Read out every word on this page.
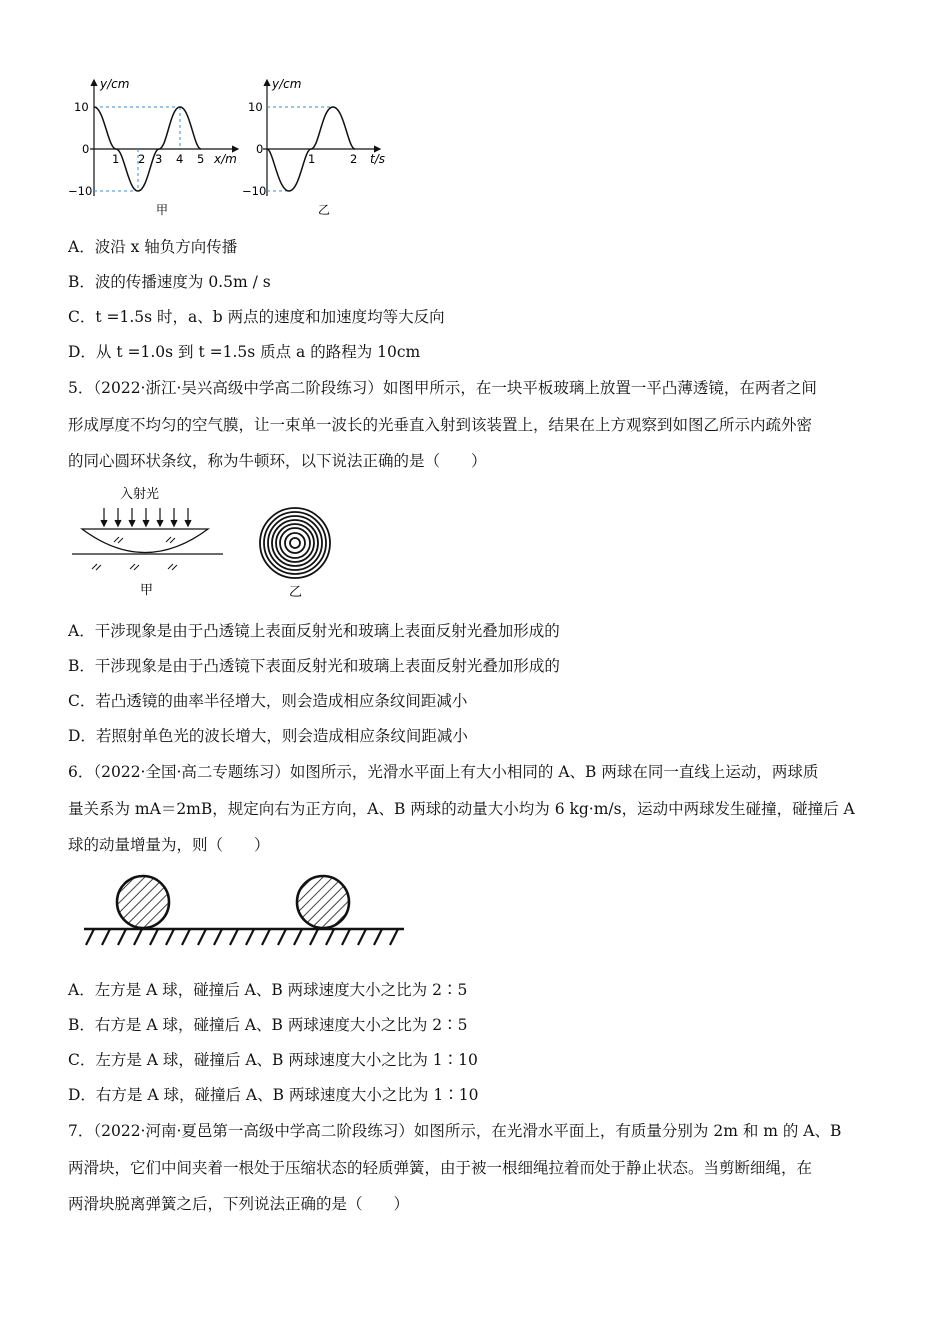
y/cm
10
0
−10
1 2 3 4 5 x/m
甲
y/cm
10
0
−10
1	2 t/s
乙
A．波沿 x 轴负方向传播
B．波的传播速度为 0.5m / s
C．t =1.5s 时，a、b 两点的速度和加速度均等大反向
D．从 t =1.0s 到 t =1.5s 质点 a 的路程为 10cm

5．（2022·浙江·吴兴高级中学高二阶段练习）如图甲所示，在一块平板玻璃上放置一平凸薄透镜，在两者之间

形成厚度不均匀的空气膜，让一束单一波长的光垂直入射到该装置上，结果在上方观察到如图乙所示内疏外密

的同心圆环状条纹，称为牛顿环，以下说法正确的是（　　）

入射光
甲	乙
A．干涉现象是由于凸透镜上表面反射光和玻璃上表面反射光叠加形成的
B．干涉现象是由于凸透镜下表面反射光和玻璃上表面反射光叠加形成的
C．若凸透镜的曲率半径增大，则会造成相应条纹间距减小
D．若照射单色光的波长增大，则会造成相应条纹间距减小

6．（2022·全国·高二专题练习）如图所示，光滑水平面上有大小相同的 A、B 两球在同一直线上运动，两球质

量关系为 mA＝2mB，规定向右为正方向，A、B 两球的动量大小均为 6 kg·m/s，运动中两球发生碰撞，碰撞后 A

球的动量增量为，则（　　）

A．左方是 A 球，碰撞后 A、B 两球速度大小之比为 2∶5
B．右方是 A 球，碰撞后 A、B 两球速度大小之比为 2∶5
C．左方是 A 球，碰撞后 A、B 两球速度大小之比为 1∶10
D．右方是 A 球，碰撞后 A、B 两球速度大小之比为 1∶10

7．（2022·河南·夏邑第一高级中学高二阶段练习）如图所示，在光滑水平面上，有质量分别为 2m 和 m 的 A、B

两滑块，它们中间夹着一根处于压缩状态的轻质弹簧，由于被一根细绳拉着而处于静止状态。当剪断细绳，在

两滑块脱离弹簧之后，下列说法正确的是（　　）
